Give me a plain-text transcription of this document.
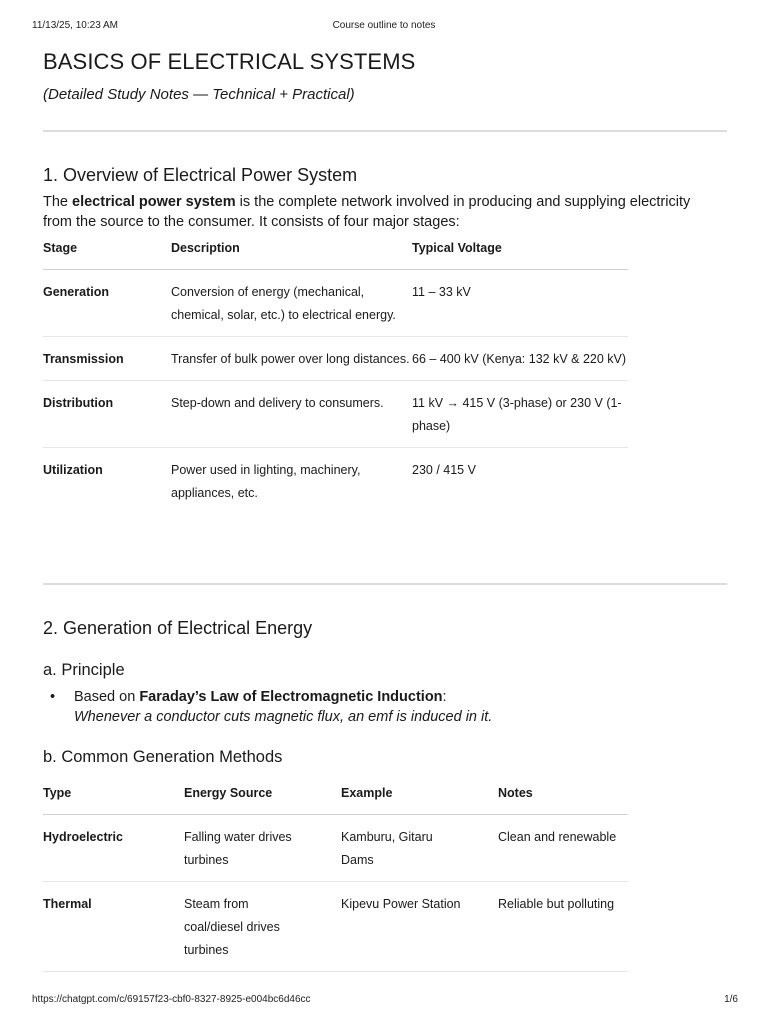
11/13/25, 10:23 AM	Course outline to notes
BASICS OF ELECTRICAL SYSTEMS
(Detailed Study Notes — Technical + Practical)
1. Overview of Electrical Power System

The electrical power system is the complete network involved in producing and supplying electricity from the source to the consumer. It consists of four major stages:

Stage	Description	Typical Voltage
Generation	Conversion of energy (mechanical, chemical, solar, etc.) to electrical energy.	11 – 33 kV
Transmission	Transfer of bulk power over long distances.	66 – 400 kV (Kenya: 132 kV & 220 kV)
Distribution	Step-down and delivery to consumers.	11 kV → 415 V (3-phase) or 230 V (1-phase)
Utilization	Power used in lighting, machinery, appliances, etc.	230 / 415 V
2. Generation of Electrical Energy
a. Principle
• Based on Faraday’s Law of Electromagnetic Induction:
Whenever a conductor cuts magnetic flux, an emf is induced in it.
b. Common Generation Methods
Type	Energy Source	Example	Notes
Hydroelectric	Falling water drives turbines	Kamburu, Gitaru Dams	Clean and renewable
Thermal	Steam from coal/diesel drives turbines	Kipevu Power Station	Reliable but polluting
https://chatgpt.com/c/69157f23-cbf0-8327-8925-e004bc6d46cc	1/6
